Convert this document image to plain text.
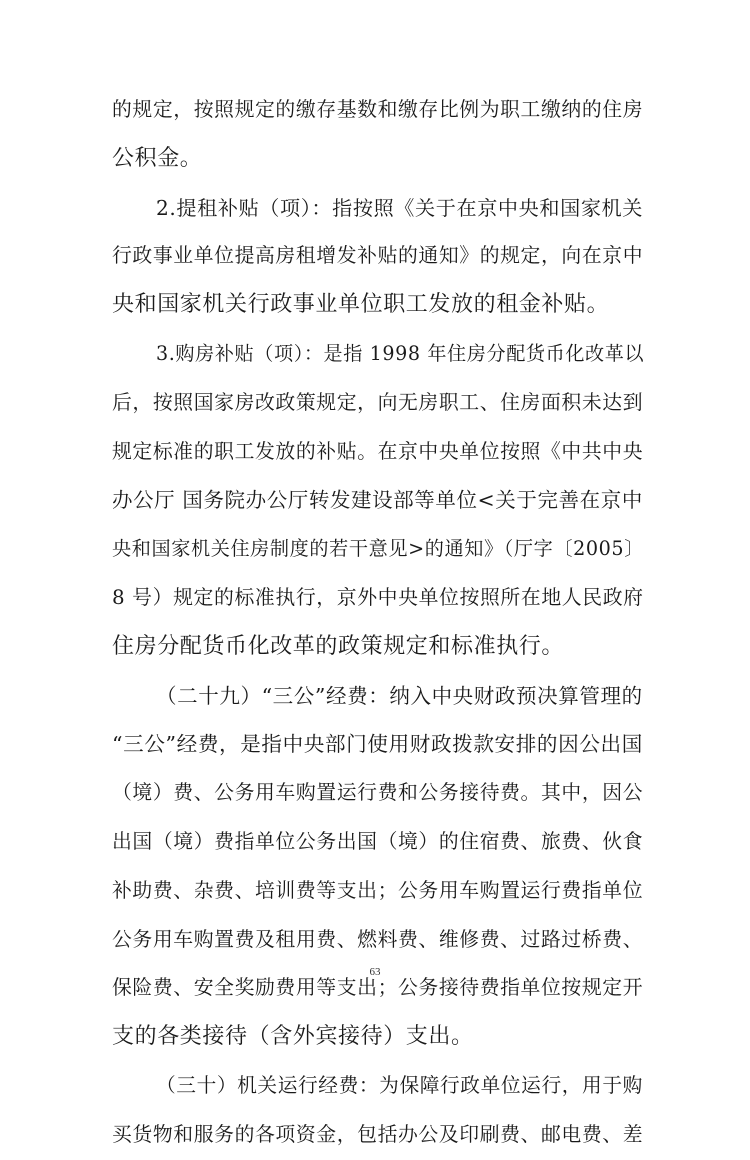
的规定，按照规定的缴存基数和缴存比例为职工缴纳的住房
公积金。
2.提租补贴（项）：指按照《关于在京中央和国家机关
行政事业单位提高房租增发补贴的通知》的规定，向在京中
央和国家机关行政事业单位职工发放的租金补贴。
3.购房补贴（项）：是指 1998 年住房分配货币化改革以
后，按照国家房改政策规定，向无房职工、住房面积未达到
规定标准的职工发放的补贴。在京中央单位按照《中共中央
办公厅 国务院办公厅转发建设部等单位<关于完善在京中
央和国家机关住房制度的若干意见>的通知》（厅字〔2005〕
8 号）规定的标准执行，京外中央单位按照所在地人民政府
住房分配货币化改革的政策规定和标准执行。
（二十九）“三公”经费：纳入中央财政预决算管理的
“三公”经费，是指中央部门使用财政拨款安排的因公出国
（境）费、公务用车购置运行费和公务接待费。其中，因公
出国（境）费指单位公务出国（境）的住宿费、旅费、伙食
补助费、杂费、培训费等支出；公务用车购置运行费指单位
公务用车购置费及租用费、燃料费、维修费、过路过桥费、
保险费、安全奖励费用等支出；公务接待费指单位按规定开
支的各类接待（含外宾接待）支出。
（三十）机关运行经费：为保障行政单位运行，用于购
买货物和服务的各项资金，包括办公及印刷费、邮电费、差
63
